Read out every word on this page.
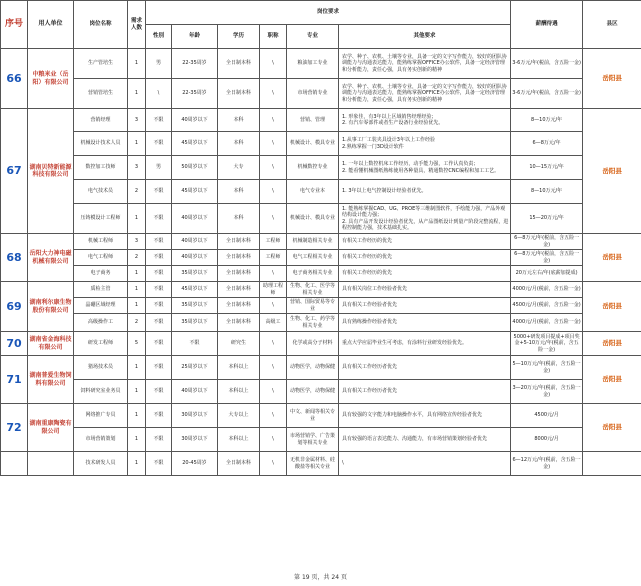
序号	用人单位	岗位名称	需求人数	岗位要求						薪酬待遇	县区
				性别	年龄	学历	职称	专业	其他要求		
66	中粮米业（岳阳）有限公司	生产管培生	1	男	22-35周岁	全日制本科	\	粮油加工专业	农学、种子、农机、土壤等专业，具备一定的文字写作能力，较好的团队协调能力与沟通表达能力，能熟练掌握OFFICE办公软件，具备一定经济管理和分析能力，责任心强，具有务实创新的精神	3-6万元/年(税前，含五险一金)	岳阳县
		营销管培生	1	\	22-35周岁	全日制本科	\	市场营销专业	农学、种子、农机、土壤等专业，具备一定的文字写作能力，较好的团队协调能力与沟通表达能力，能熟练掌握OFFICE办公软件，具备一定经济管理和分析能力，责任心强，具有务实创新的精神	3-6万元/年(税前，含五险一金)	
67	湖南贝特新能源科技有限公司	营销经理	3	不限	40周岁以下	本科	\	营销、管理	1. 形象佳，有3年以上区域销售经理经验；
2. 有汽车零部件或者生产设备行业经验优先。	8—10万元/年	岳阳县
		机械设计技术人员	1	不限	45周岁以下	本科	\	机械设计、模具专业	1.从事工厂工装夹具设计3年以上工作经验
2.熟练掌握一门3D设计软件	6—8万元/年	
		数控加工技师	3	男	50周岁以下	大专	\	机械数控专业	1. 一年以上数控机床工作经历，动手能力强，工作认真负责；
2. 能看懂机械图纸熟练使用各种量具，精通数控CNC编程和加工工艺。	10—15万元/年	
		电气技术员	2	不限	45周岁以下	本科	\	电气专业本	1. 3年以上电气控制设计经验者优先。	8—10万元/年	
		压铸模设计工程师	1	不限	40周岁以下	本科	\	机械设计、模具专业	1. 能熟练掌握CAD、UG、PROE等三维制图软件，手绘能力强，产品外观结构设计能力强；
2. 具有产品开发设计经验者优先，从产品图纸设计到量产阶段完整流程，进程控制能力强，技术基础扎实。	15—20万元/年	
68	岳阳大力神电磁机械有限公司	机械工程师	3	不限	40周岁以下	全日制本科	工程师	机械制造相关专业	有相关工作经历的优先	6—8万元/年(税前，含五险一金)	岳阳县
		电气工程师	2	不限	40周岁以下	全日制本科	工程师	电气工程相关专业	有相关工作经历的优先	6—8万元/年(税前，含五险一金)	
		电子商务	1	不限	35周岁以下	全日制本科	\	电子商务相关专业	有相关工作经历的优先	20万元左右/年(底薪加提成)	
69	湖南利尔康生物股份有限公司	质检主管	1	不限	45周岁以下	全日制本科	助理工程师	生物、化工、医学等相关专业	具有相关岗位工作经验者优先	4000元/月(税前，含五险一金)	岳阳县
		晶硼区域经理	1	不限	35周岁以下	全日制本科	\	营销、国际贸易等专业	具有相关工作经验者优先	4500元/月(税前，含五险一金)	
		高级操作工	2	不限	35周岁以下	全日制本科	高级工	生物、化工、药学等相关专业	具有熟练操作经验者优先	4000元/月(税前，含五险一金)	
70	湖南省金海科技有限公司	研发工程师	5	不限	不限	研究生	\	化学或高分子材料	重点大学应届毕业生可考虑，有涂料行业研发经验优先。	5000+研发项目提成+项目奖金+5-10万元/年(税前，含五险一金)	岳阳县
71	湖南普爱生物饲料有限公司	猪场技术员	1	不限	25周岁以下	本科以上	\	动物医学，动物保健	具有相关工作经历者优先	5—10万元/年(税前，含五险一金)	岳阳县
		饲料研究室业务员	1	不限	40周岁以下	本科以上	\	动物医学，动物保健	具有相关工作经历者优先	3—20万元/年(税前，含五险一金)	
72	湖南重康陶瓷有限公司	网络推广专员	1	不限	30周岁以下	大专以上	\	中文、新闻等相关专业	具有较强的文字能力和电脑操作水平，具有网络宣传经验者优先	4500元/月	岳阳县
		市场营销策划	1	不限	30周岁以下	本科以上	\	市场营销学、广告策划等相关专业	具有较强的语言表达能力、沟通能力，有市场营销策划经验者优先	8000元/月	
		技术研发人员	1	不限	20-45周岁	全日制本科	\	无机非金属材料、硅酸盐等相关专业	\	6—12万元/年(税前，含五险一金)	
第 19 页，共 24 页
